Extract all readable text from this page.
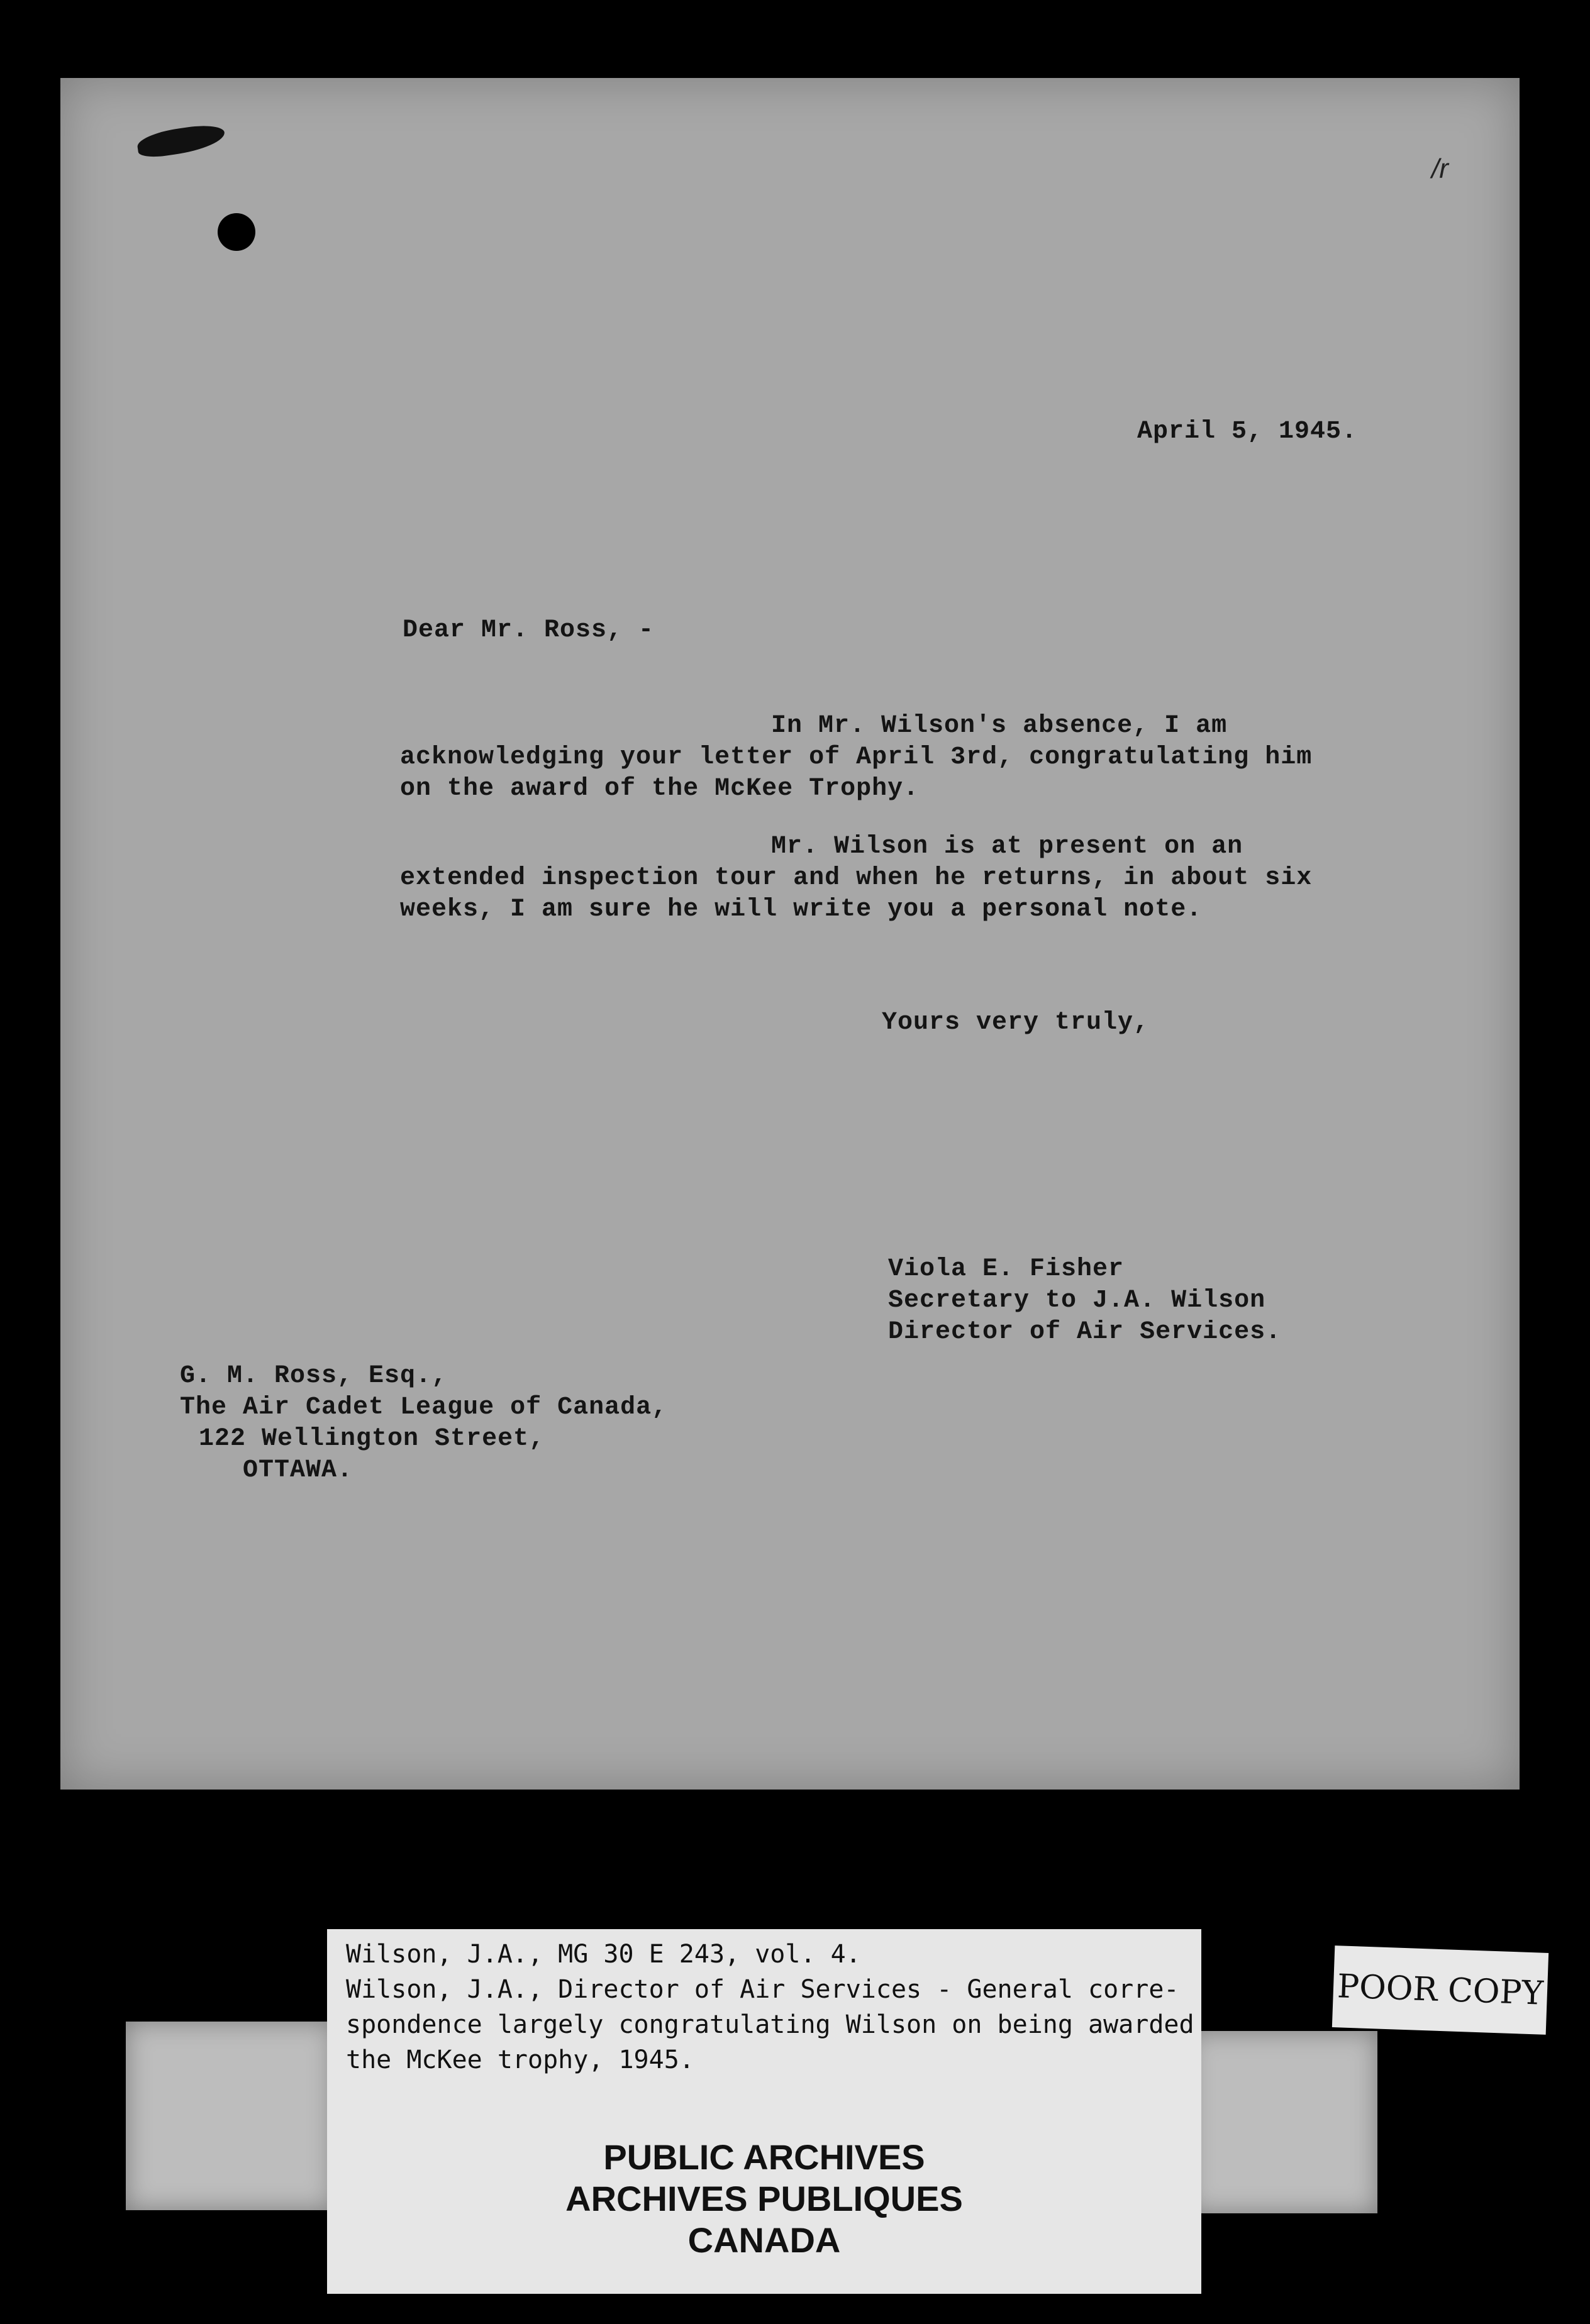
/r
April 5, 1945.
Dear Mr. Ross, -
In Mr. Wilson's absence, I am acknowledging your letter of April 3rd, congratulating him on the award of the McKee Trophy.
Mr. Wilson is at present on an extended inspection tour and when he returns, in about six weeks, I am sure he will write you a personal note.
Yours very truly,
Viola E. Fisher
Secretary to J.A. Wilson
Director of Air Services.
G. M. Ross, Esq.,
The Air Cadet League of Canada,
122 Wellington Street,
OTTAWA.
Wilson, J.A., MG 30 E 243, vol. 4.
Wilson, J.A., Director of Air Services - General corre-
spondence largely congratulating Wilson on being awarded
the McKee trophy, 1945.
PUBLIC ARCHIVES
ARCHIVES PUBLIQUES
CANADA
POOR COPY
